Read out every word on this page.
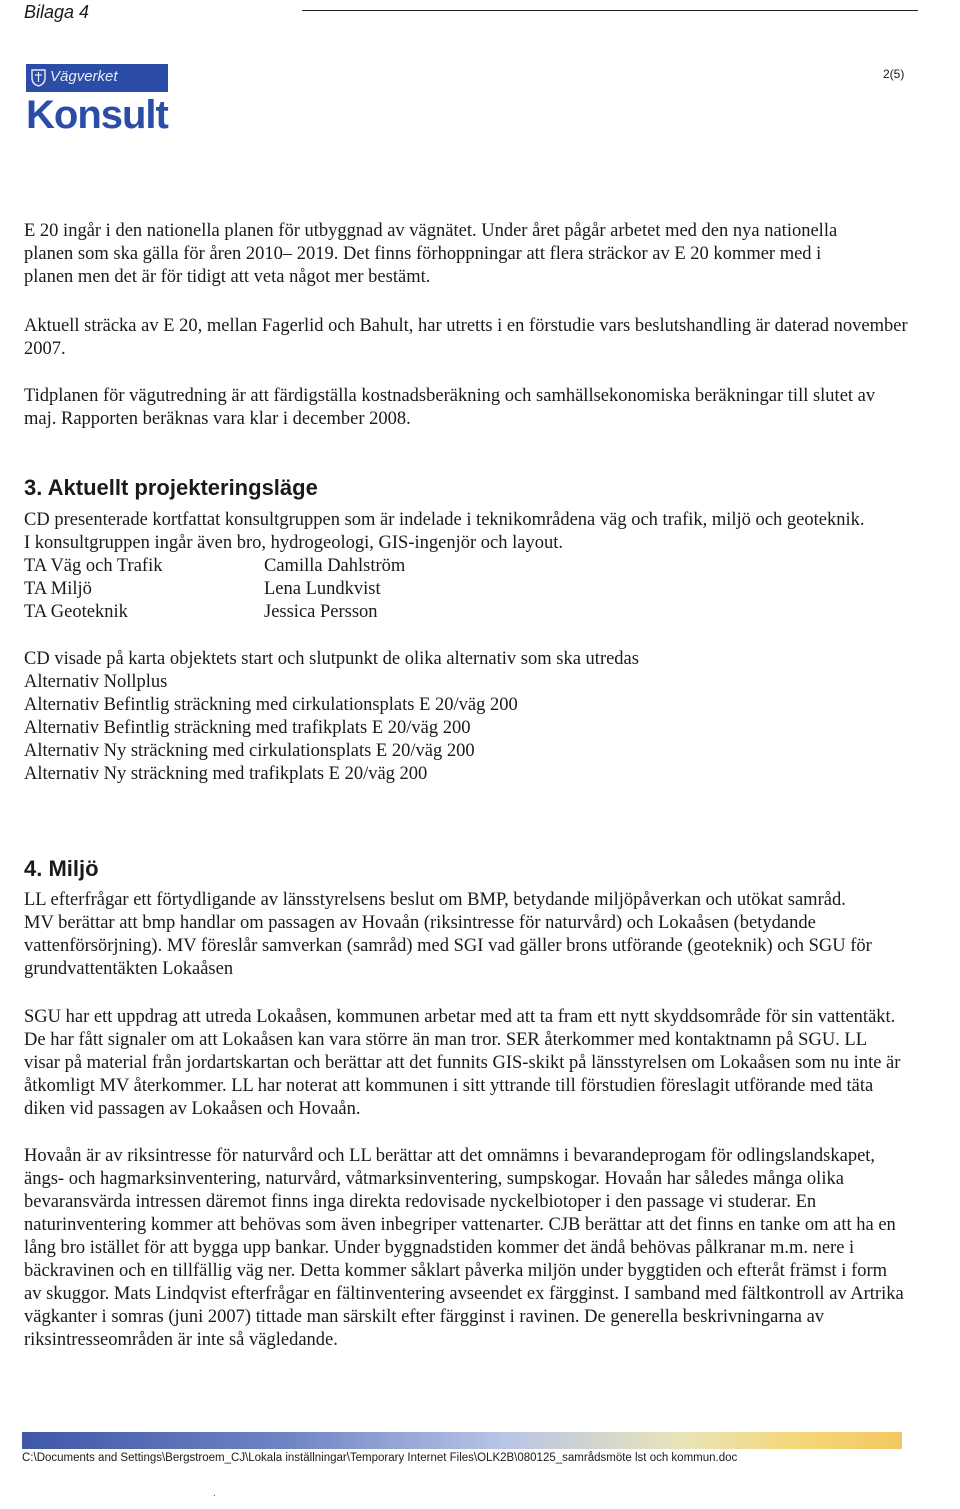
Bilaga 4
Vägverket
Konsult
2(5)

E 20 ingår i den nationella planen för utbyggnad av vägnätet. Under året pågår arbetet med den nya nationella planen som ska gälla för åren 2010– 2019. Det finns förhoppningar att flera sträckor av E 20 kommer med i planen men det är för tidigt att veta något mer bestämt.

Aktuell sträcka av E 20, mellan Fagerlid och Bahult, har utretts i en förstudie vars beslutshandling är daterad november 2007.

Tidplanen för vägutredning är att färdigställa kostnadsberäkning och samhällsekonomiska beräkningar till slutet av maj. Rapporten beräknas vara klar i december 2008.

3. Aktuellt projekteringsläge

CD presenterade kortfattat konsultgruppen som är indelade i teknikområdena väg och trafik, miljö och geoteknik. I konsultgruppen ingår även bro, hydrogeologi, GIS-ingenjör och layout.

TA Väg och Trafik	Camilla Dahlström
TA Miljö	Lena Lundkvist
TA Geoteknik	Jessica Persson
CD visade på karta objektets start och slutpunkt de olika alternativ som ska utredas
Alternativ Nollplus
Alternativ Befintlig sträckning med cirkulationsplats E 20/väg 200
Alternativ Befintlig sträckning med trafikplats E 20/väg 200
Alternativ Ny sträckning med cirkulationsplats E 20/väg 200
Alternativ Ny sträckning med trafikplats E 20/väg 200
4. Miljö

LL efterfrågar ett förtydligande av länsstyrelsens beslut om BMP, betydande miljöpåverkan och utökat samråd. MV berättar att bmp handlar om passagen av Hovaån (riksintresse för naturvård) och Lokaåsen (betydande vattenförsörjning). MV föreslår samverkan (samråd) med SGI vad gäller brons utförande (geoteknik) och SGU för grundvattentäkten Lokaåsen

SGU har ett uppdrag att utreda Lokaåsen, kommunen arbetar med att ta fram ett nytt skyddsområde för sin vattentäkt. De har fått signaler om att Lokaåsen kan vara större än man tror. SER återkommer med kontaktnamn på SGU. LL visar på material från jordartskartan och berättar att det funnits GIS-skikt på länsstyrelsen om Lokaåsen som nu inte är åtkomligt MV återkommer. LL har noterat att kommunen i sitt yttrande till förstudien föreslagit utförande med täta diken vid passagen av Lokaåsen och Hovaån.

Hovaån är av riksintresse för naturvård och LL berättar att det omnämns i bevarandeprogam för odlingslandskapet, ängs- och hagmarksinventering, naturvård, våtmarksinventering, sumpskogar. Hovaån har således många olika bevaransvärda intressen däremot finns inga direkta redovisade nyckelbiotoper i den passage vi studerar. En naturinventering kommer att behövas som även inbegriper vattenarter. CJB berättar att det finns en tanke om att ha en lång bro istället för att bygga upp bankar. Under byggnadstiden kommer det ändå behövas pålkranar m.m. nere i bäckravinen och en tillfällig väg ner. Detta kommer såklart påverka miljön under byggtiden och efteråt främst i form av skuggor. Mats Lindqvist efterfrågar en fältinventering avseendet ex färgginst. I samband med fältkontroll av Artrika vägkanter i somras (juni 2007) tittade man särskilt efter färgginst i ravinen. De generella beskrivningarna av riksintresseområden är inte så vägledande.

C:\Documents and Settings\Bergstroem_CJ\Lokala inställningar\Temporary Internet Files\OLK2B\080125_samrådsmöte lst och kommun.doc
.
